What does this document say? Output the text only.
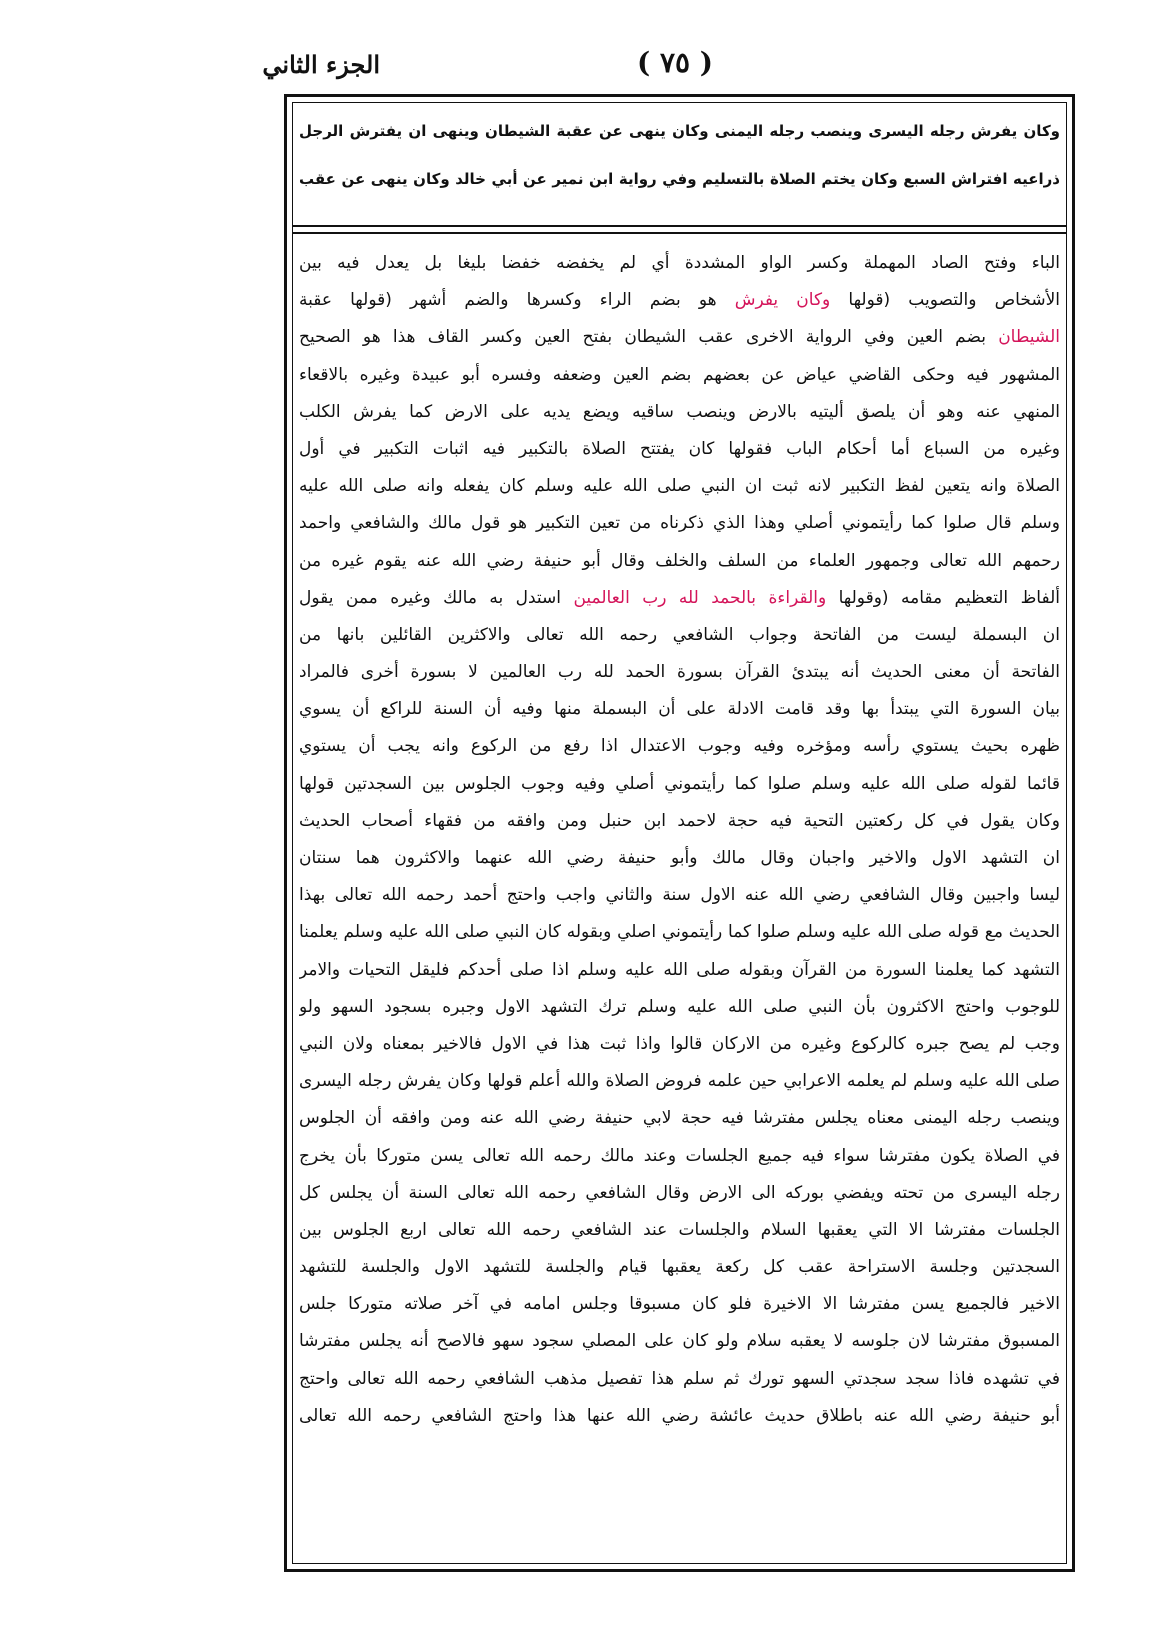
الجزء الثاني	( ٧٥ )
وكان يفرش رجله اليسرى وينصب رجله اليمنى وكان ينهى عن عقبة الشيطان وينهى ان يفترش الرجل
ذراعيه افتراش السبع وكان يختم الصلاة بالتسليم وفي رواية ابن نمير عن أبي خالد وكان ينهى عن عقب
الباء وفتح الصاد المهملة وكسر الواو المشددة أي لم يخفضه خفضا بليغا بل يعدل فيه بين
الأشخاص والتصويب (قولها وكان يفرش هو بضم الراء وكسرها والضم أشهر (قولها عقبة
الشيطان بضم العين وفي الرواية الاخرى عقب الشيطان بفتح العين وكسر القاف هذا هو الصحيح
المشهور فيه وحكى القاضي عياض عن بعضهم بضم العين وضعفه وفسره أبو عبيدة وغيره بالاقعاء
المنهي عنه وهو أن يلصق أليتيه بالارض وينصب ساقيه ويضع يديه على الارض كما يفرش الكلب
وغيره من السباع أما أحكام الباب فقولها كان يفتتح الصلاة بالتكبير فيه اثبات التكبير في أول
الصلاة وانه يتعين لفظ التكبير لانه ثبت ان النبي صلى الله عليه وسلم كان يفعله وانه صلى الله عليه
وسلم قال صلوا كما رأيتموني أصلي وهذا الذي ذكرناه من تعين التكبير هو قول مالك والشافعي واحمد
رحمهم الله تعالى وجمهور العلماء من السلف والخلف وقال أبو حنيفة رضي الله عنه يقوم غيره من
ألفاظ التعظيم مقامه (وقولها والقراءة بالحمد لله رب العالمين استدل به مالك وغيره ممن يقول
ان البسملة ليست من الفاتحة وجواب الشافعي رحمه الله تعالى والاكثرين القائلين بانها من
الفاتحة أن معنى الحديث أنه يبتدئ القرآن بسورة الحمد لله رب العالمين لا بسورة أخرى فالمراد
بيان السورة التي يبتدأ بها وقد قامت الادلة على أن البسملة منها وفيه أن السنة للراكع أن يسوي
ظهره بحيث يستوي رأسه ومؤخره وفيه وجوب الاعتدال اذا رفع من الركوع وانه يجب أن يستوي
قائما لقوله صلى الله عليه وسلم صلوا كما رأيتموني أصلي وفيه وجوب الجلوس بين السجدتين قولها
وكان يقول في كل ركعتين التحية فيه حجة لاحمد ابن حنبل ومن وافقه من فقهاء أصحاب الحديث
ان التشهد الاول والاخير واجبان وقال مالك وأبو حنيفة رضي الله عنهما والاكثرون هما سنتان
ليسا واجبين وقال الشافعي رضي الله عنه الاول سنة والثاني واجب واحتج أحمد رحمه الله تعالى بهذا
الحديث مع قوله صلى الله عليه وسلم صلوا كما رأيتموني اصلي وبقوله كان النبي صلى الله عليه وسلم يعلمنا
التشهد كما يعلمنا السورة من القرآن وبقوله صلى الله عليه وسلم اذا صلى أحدكم فليقل التحيات والامر
للوجوب واحتج الاكثرون بأن النبي صلى الله عليه وسلم ترك التشهد الاول وجبره بسجود السهو ولو
وجب لم يصح جبره كالركوع وغيره من الاركان قالوا واذا ثبت هذا في الاول فالاخير بمعناه ولان النبي
صلى الله عليه وسلم لم يعلمه الاعرابي حين علمه فروض الصلاة والله أعلم قولها وكان يفرش رجله اليسرى
وينصب رجله اليمنى معناه يجلس مفترشا فيه حجة لابي حنيفة رضي الله عنه ومن وافقه أن الجلوس
في الصلاة يكون مفترشا سواء فيه جميع الجلسات وعند مالك رحمه الله تعالى يسن متوركا بأن يخرج
رجله اليسرى من تحته ويفضي بوركه الى الارض وقال الشافعي رحمه الله تعالى السنة أن يجلس كل
الجلسات مفترشا الا التي يعقبها السلام والجلسات عند الشافعي رحمه الله تعالى اربع الجلوس بين
السجدتين وجلسة الاستراحة عقب كل ركعة يعقبها قيام والجلسة للتشهد الاول والجلسة للتشهد
الاخير فالجميع يسن مفترشا الا الاخيرة فلو كان مسبوقا وجلس امامه في آخر صلاته متوركا جلس
المسبوق مفترشا لان جلوسه لا يعقبه سلام ولو كان على المصلي سجود سهو فالاصح أنه يجلس مفترشا
في تشهده فاذا سجد سجدتي السهو تورك ثم سلم هذا تفصيل مذهب الشافعي رحمه الله تعالى واحتج
أبو حنيفة رضي الله عنه باطلاق حديث عائشة رضي الله عنها هذا واحتج الشافعي رحمه الله تعالى
